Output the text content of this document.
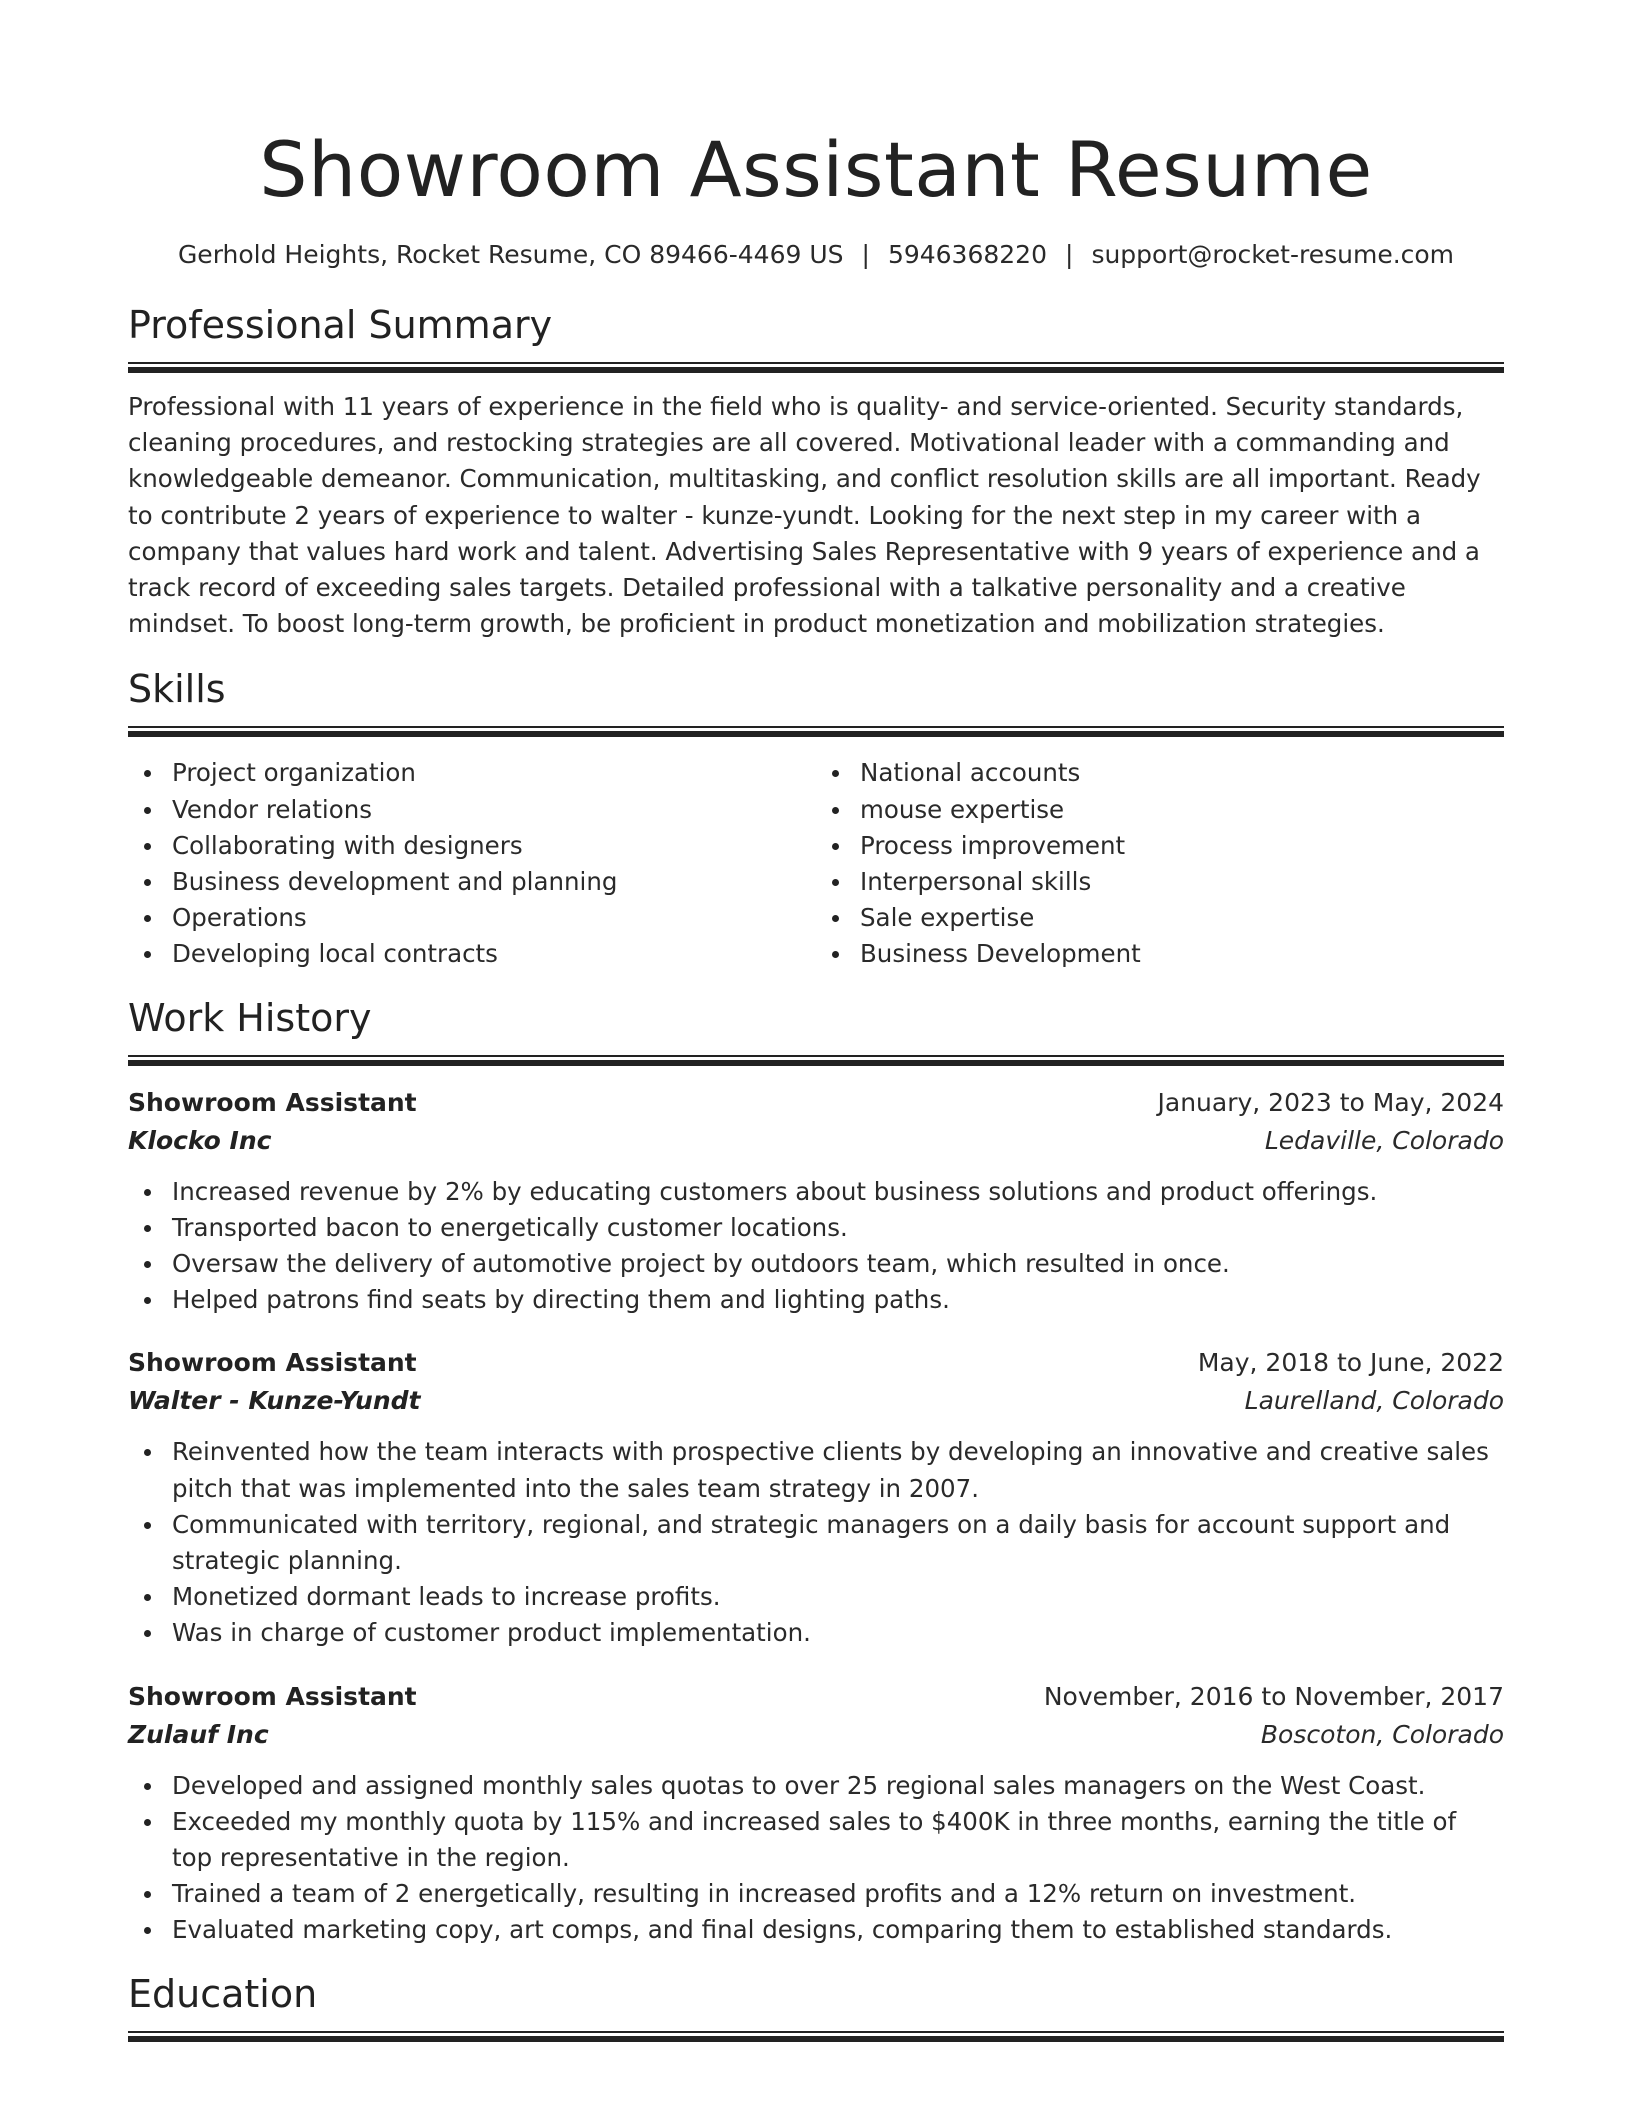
Showroom Assistant Resume
Gerhold Heights, Rocket Resume, CO 89466-4469 US | 5946368220 | support@rocket-resume.com
Professional Summary

Professional with 11 years of experience in the field who is quality- and service-oriented. Security standards, cleaning procedures, and restocking strategies are all covered. Motivational leader with a commanding and knowledgeable demeanor. Communication, multitasking, and conflict resolution skills are all important. Ready to contribute 2 years of experience to walter - kunze-yundt. Looking for the next step in my career with a company that values hard work and talent. Advertising Sales Representative with 9 years of experience and a track record of exceeding sales targets. Detailed professional with a talkative personality and a creative mindset. To boost long-term growth, be proficient in product monetization and mobilization strategies.

Skills
Project organization
Vendor relations
Collaborating with designers
Business development and planning
Operations
Developing local contracts
National accounts
mouse expertise
Process improvement
Interpersonal skills
Sale expertise
Business Development
Work History
Showroom Assistant	January, 2023 to May, 2024
Klocko Inc	Ledaville, Colorado
Increased revenue by 2% by educating customers about business solutions and product offerings.
Transported bacon to energetically customer locations.
Oversaw the delivery of automotive project by outdoors team, which resulted in once.
Helped patrons find seats by directing them and lighting paths.
Showroom Assistant	May, 2018 to June, 2022
Walter - Kunze-Yundt	Laurelland, Colorado
Reinvented how the team interacts with prospective clients by developing an innovative and creative sales pitch that was implemented into the sales team strategy in 2007.
Communicated with territory, regional, and strategic managers on a daily basis for account support and strategic planning.
Monetized dormant leads to increase profits.
Was in charge of customer product implementation.
Showroom Assistant	November, 2016 to November, 2017
Zulauf Inc	Boscoton, Colorado
Developed and assigned monthly sales quotas to over 25 regional sales managers on the West Coast.
Exceeded my monthly quota by 115% and increased sales to $400K in three months, earning the title of top representative in the region.
Trained a team of 2 energetically, resulting in increased profits and a 12% return on investment.
Evaluated marketing copy, art comps, and final designs, comparing them to established standards.
Education
